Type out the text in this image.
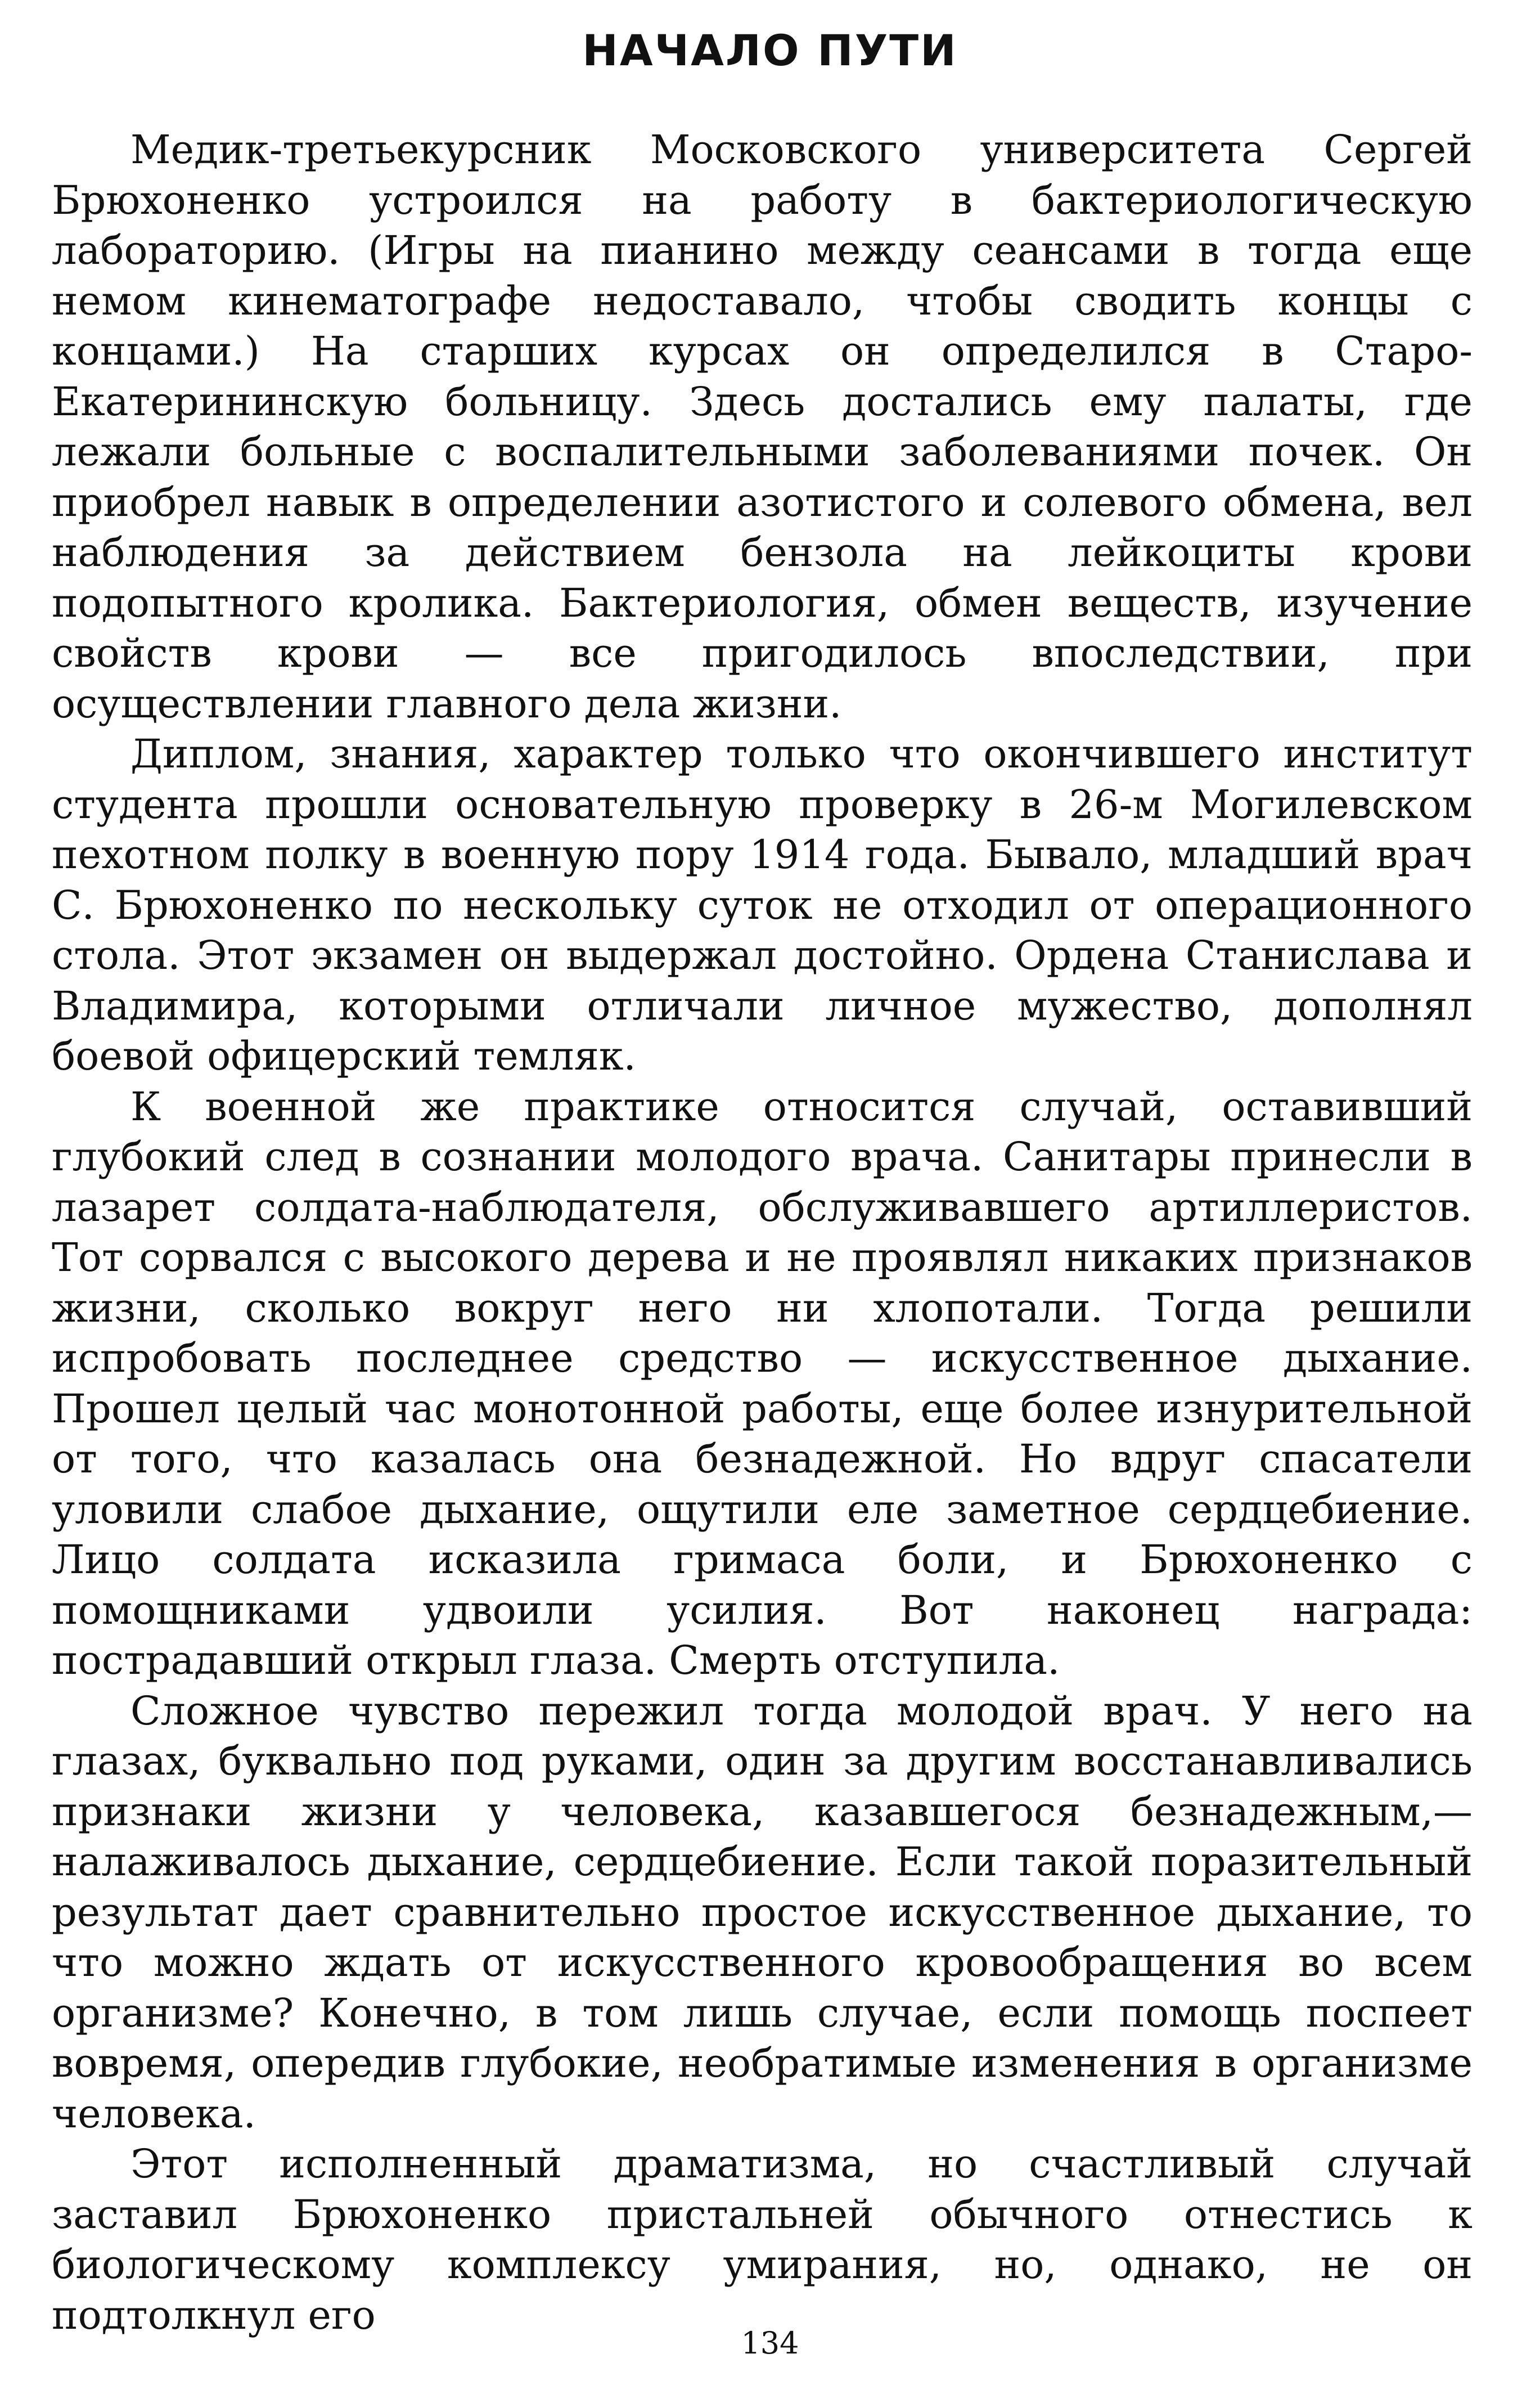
НАЧАЛО ПУТИ

Медик-третьекурсник Московского университета Сергей Брюхоненко устроился на работу в бактериологическую лабораторию. (Игры на пианино между сеансами в тогда еще немом кинематографе недоставало, чтобы сводить концы с концами.) На старших курсах он определился в Старо-Екатерининскую больницу. Здесь достались ему палаты, где лежали больные с воспалительными заболеваниями почек. Он приобрел навык в определении азотистого и солевого обмена, вел наблюдения за действием бензола на лейкоциты крови подопытного кролика. Бактериология, обмен веществ, изучение свойств крови — все пригодилось впоследствии, при осуществлении главного дела жизни.

Диплом, знания, характер только что окончившего институт студента прошли основательную проверку в 26-м Могилевском пехотном полку в военную пору 1914 года. Бывало, младший врач С. Брюхоненко по нескольку суток не отходил от операционного стола. Этот экзамен он выдержал достойно. Ордена Станислава и Владимира, которыми отличали личное мужество, дополнял боевой офицерский темляк.

К военной же практике относится случай, оставивший глубокий след в сознании молодого врача. Санитары принесли в лазарет солдата-наблюдателя, обслуживавшего артиллеристов. Тот сорвался с высокого дерева и не проявлял никаких признаков жизни, сколько вокруг него ни хлопотали. Тогда решили испробовать последнее средство — искусственное дыхание. Прошел целый час монотонной работы, еще более изнурительной от того, что казалась она безнадежной. Но вдруг спасатели уловили слабое дыхание, ощутили еле заметное сердцебиение. Лицо солдата исказила гримаса боли, и Брюхоненко с помощниками удвоили усилия. Вот наконец награда: пострадавший открыл глаза. Смерть отступила.

Сложное чувство пережил тогда молодой врач. У него на глазах, буквально под руками, один за другим восстанавливались признаки жизни у человека, казавшегося безнадежным,— налаживалось дыхание, сердцебиение. Если такой поразительный результат дает сравнительно простое искусственное дыхание, то что можно ждать от искусственного кровообращения во всем организме? Конечно, в том лишь случае, если помощь поспеет вовремя, опередив глубокие, необратимые изменения в организме человека.

Этот исполненный драматизма, но счастливый случай заставил Брюхоненко пристальней обычного отнестись к биологическому комплексу умирания, но, однако, не он подтолкнул его

134
